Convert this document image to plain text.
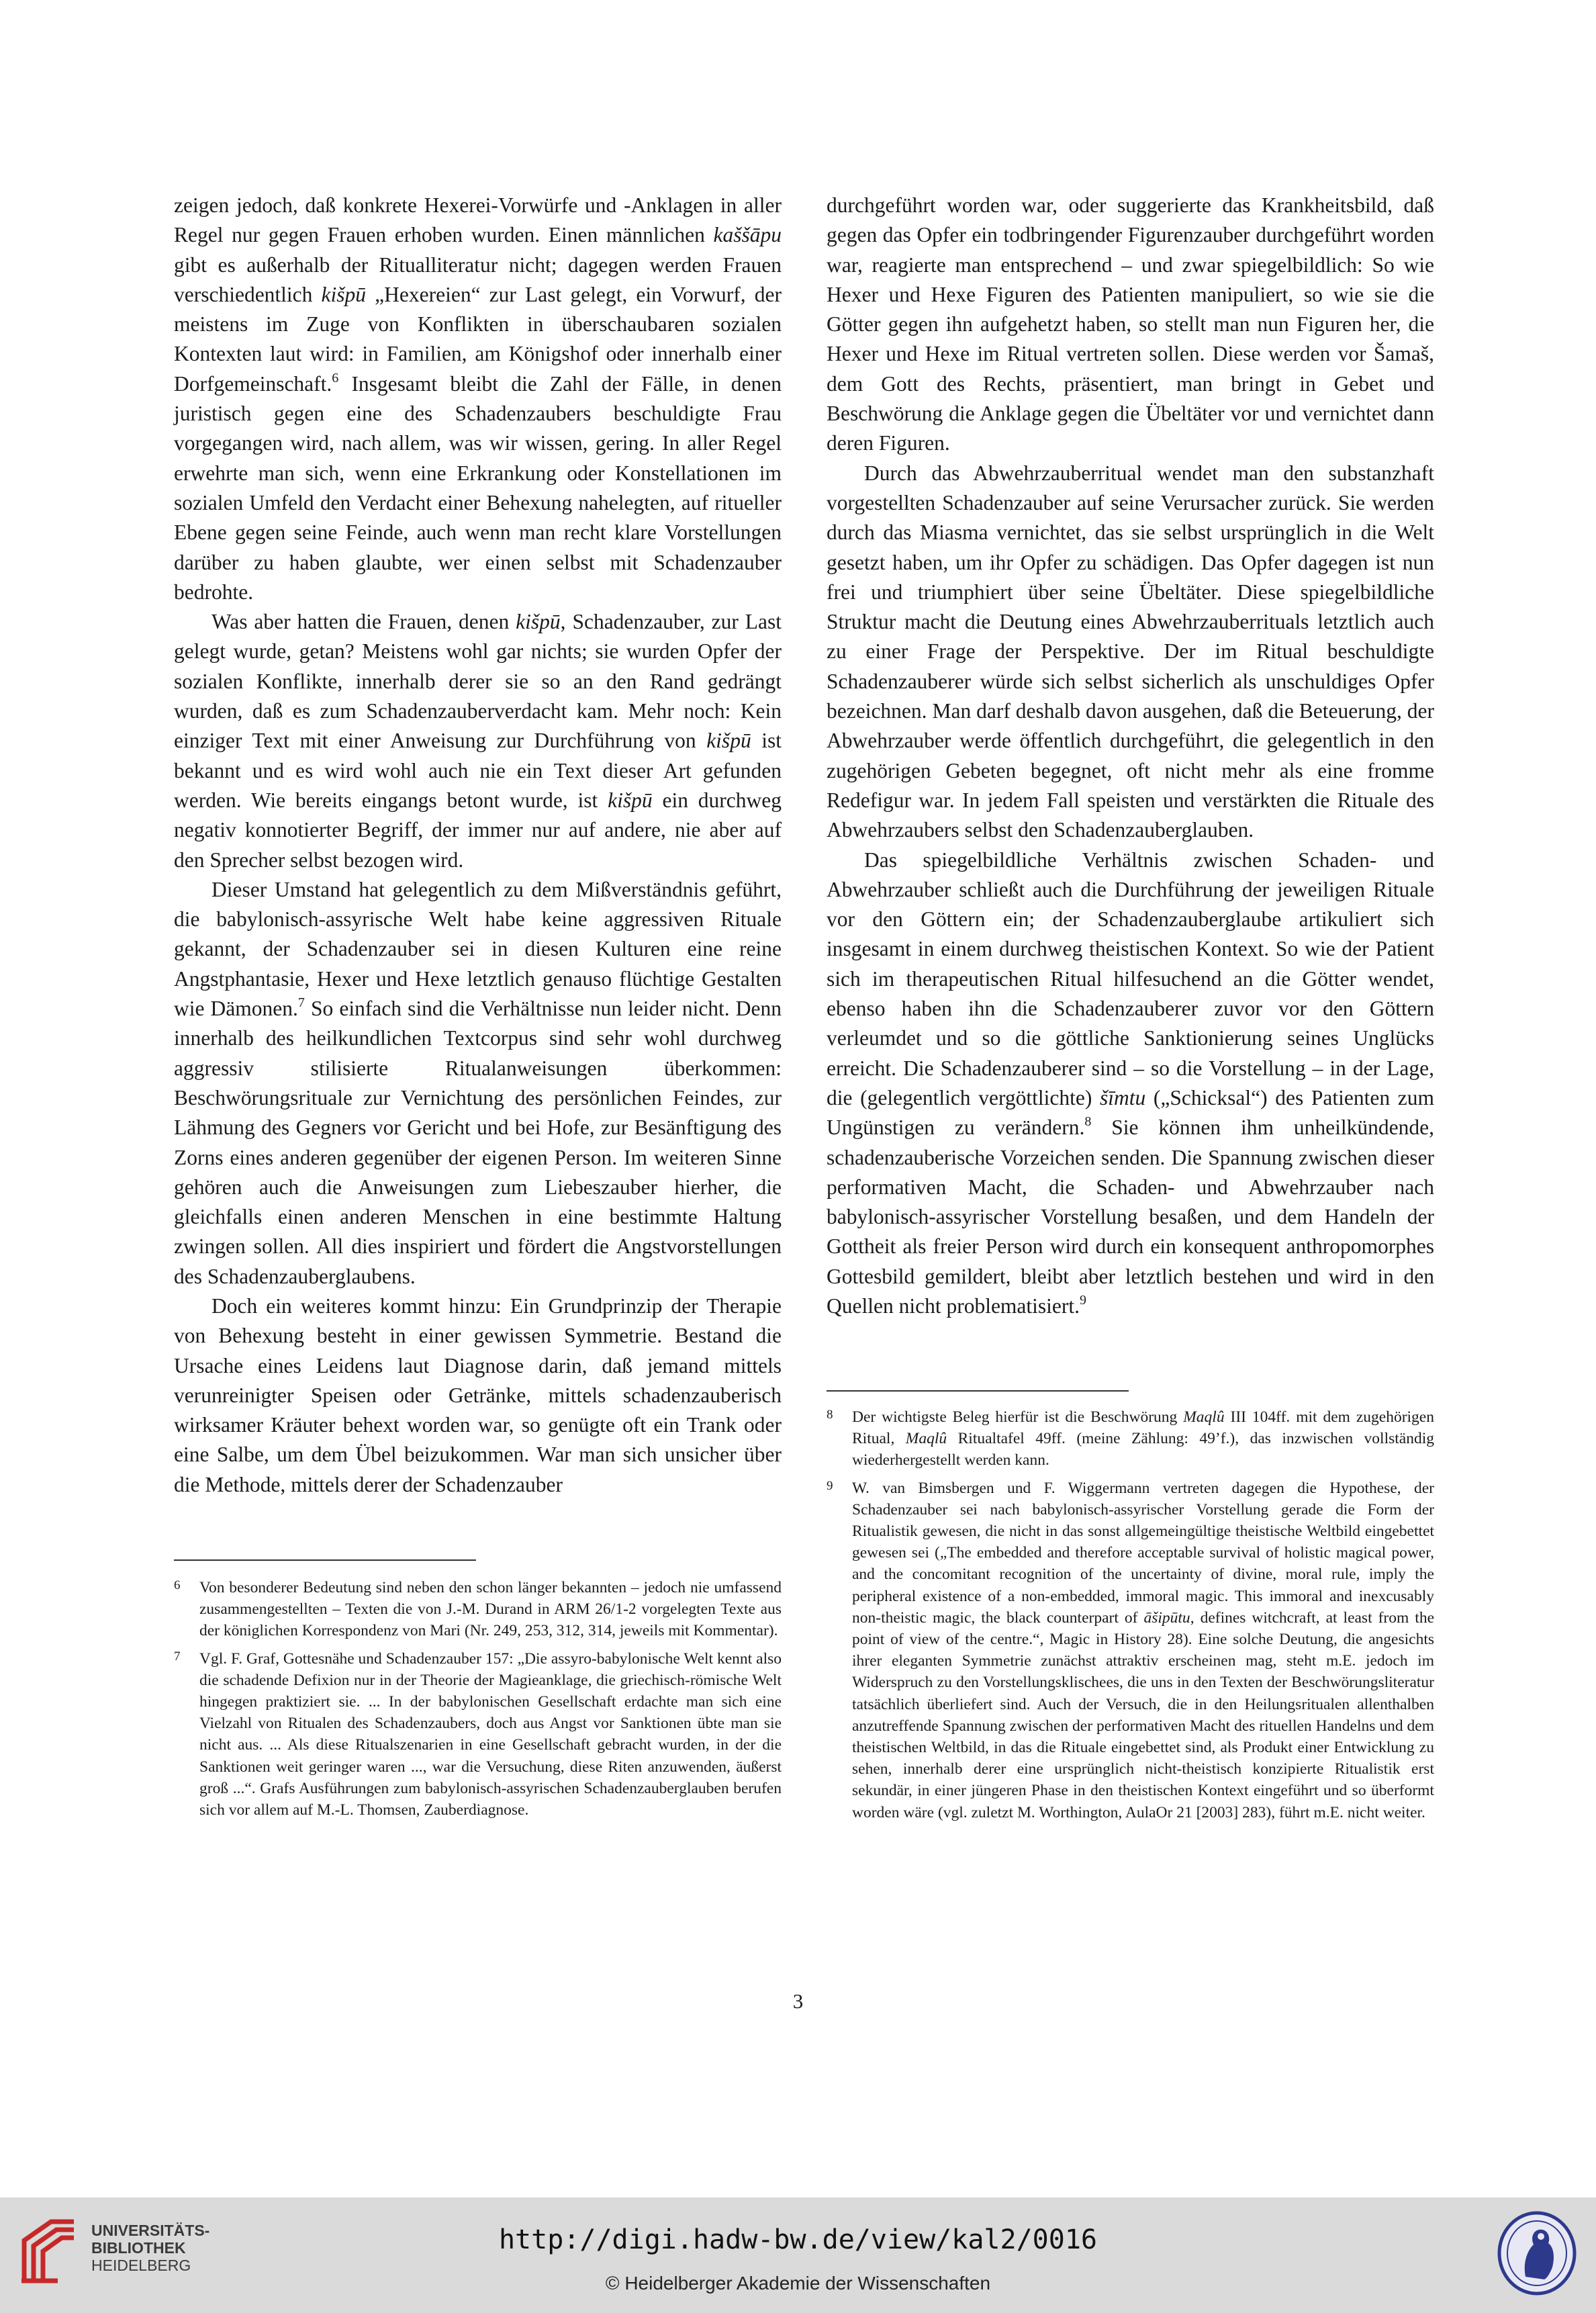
zeigen jedoch, daß konkrete Hexerei-Vorwürfe und -Anklagen in aller Regel nur gegen Frauen erhoben wurden. Einen männlichen kaššāpu gibt es außerhalb der Ritualliteratur nicht; dagegen werden Frauen verschiedentlich kišpū „Hexereien“ zur Last gelegt, ein Vorwurf, der meistens im Zuge von Konflikten in überschaubaren sozialen Kontexten laut wird: in Familien, am Königshof oder innerhalb einer Dorfgemeinschaft.$^6$ Insgesamt bleibt die Zahl der Fälle, in denen juristisch gegen eine des Schadenzaubers beschuldigte Frau vorgegangen wird, nach allem, was wir wissen, gering. In aller Regel erwehrte man sich, wenn eine Erkrankung oder Konstellationen im sozialen Umfeld den Verdacht einer Behexung nahelegten, auf ritueller Ebene gegen seine Feinde, auch wenn man recht klare Vorstellungen darüber zu haben glaubte, wer einen selbst mit Schadenzauber bedrohte.

Was aber hatten die Frauen, denen kišpū, Schadenzauber, zur Last gelegt wurde, getan? Meistens wohl gar nichts; sie wurden Opfer der sozialen Konflikte, innerhalb derer sie so an den Rand gedrängt wurden, daß es zum Schadenzauberverdacht kam. Mehr noch: Kein einziger Text mit einer Anweisung zur Durchführung von kišpū ist bekannt und es wird wohl auch nie ein Text dieser Art gefunden werden. Wie bereits eingangs betont wurde, ist kišpū ein durchweg negativ konnotierter Begriff, der immer nur auf andere, nie aber auf den Sprecher selbst bezogen wird.

Dieser Umstand hat gelegentlich zu dem Mißverständnis geführt, die babylonisch-assyrische Welt habe keine aggressiven Rituale gekannt, der Schadenzauber sei in diesen Kulturen eine reine Angstphantasie, Hexer und Hexe letztlich genauso flüchtige Gestalten wie Dämonen.$^7$ So einfach sind die Verhältnisse nun leider nicht. Denn innerhalb des heilkundlichen Textcorpus sind sehr wohl durchweg aggressiv stilisierte Ritualanweisungen überkommen: Beschwörungsrituale zur Vernichtung des persönlichen Feindes, zur Lähmung des Gegners vor Gericht und bei Hofe, zur Besänftigung des Zorns eines anderen gegenüber der eigenen Person. Im weiteren Sinne gehören auch die Anweisungen zum Liebeszauber hierher, die gleichfalls einen anderen Menschen in eine bestimmte Haltung zwingen sollen. All dies inspiriert und fördert die Angstvorstellungen des Schadenzauberglaubens.

Doch ein weiteres kommt hinzu: Ein Grundprinzip der Therapie von Behexung besteht in einer gewissen Symmetrie. Bestand die Ursache eines Leidens laut Diagnose darin, daß jemand mittels verunreinigter Speisen oder Getränke, mittels schadenzauberisch wirksamer Kräuter behext worden war, so genügte oft ein Trank oder eine Salbe, um dem Übel beizukommen. War man sich unsicher über die Methode, mittels derer der Schadenzauber

6	Von besonderer Bedeutung sind neben den schon länger bekannten – jedoch nie umfassend zusammengestellten – Texten die von J.-M. Durand in ARM 26/1-2 vorgelegten Texte aus der königlichen Korrespondenz von Mari (Nr. 249, 253, 312, 314, jeweils mit Kommentar).
7	Vgl. F. Graf, Gottesnähe und Schadenzauber 157: „Die assyro-babylonische Welt kennt also die schadende Defixion nur in der Theorie der Magieanklage, die griechisch-römische Welt hingegen praktiziert sie. ... In der babylonischen Gesellschaft erdachte man sich eine Vielzahl von Ritualen des Schadenzaubers, doch aus Angst vor Sanktionen übte man sie nicht aus. ... Als diese Ritualszenarien in eine Gesellschaft gebracht wurden, in der die Sanktionen weit geringer waren ..., war die Versuchung, diese Riten anzuwenden, äußerst groß ...“. Grafs Ausführungen zum babylonisch-assyrischen Schadenzauberglauben berufen sich vor allem auf M.-L. Thomsen, Zauberdiagnose.

durchgeführt worden war, oder suggerierte das Krankheitsbild, daß gegen das Opfer ein todbringender Figurenzauber durchgeführt worden war, reagierte man entsprechend – und zwar spiegelbildlich: So wie Hexer und Hexe Figuren des Patienten manipuliert, so wie sie die Götter gegen ihn aufgehetzt haben, so stellt man nun Figuren her, die Hexer und Hexe im Ritual vertreten sollen. Diese werden vor Šamaš, dem Gott des Rechts, präsentiert, man bringt in Gebet und Beschwörung die Anklage gegen die Übeltäter vor und vernichtet dann deren Figuren.

Durch das Abwehrzauberritual wendet man den substanzhaft vorgestellten Schadenzauber auf seine Verursacher zurück. Sie werden durch das Miasma vernichtet, das sie selbst ursprünglich in die Welt gesetzt haben, um ihr Opfer zu schädigen. Das Opfer dagegen ist nun frei und triumphiert über seine Übeltäter. Diese spiegelbildliche Struktur macht die Deutung eines Abwehrzauberrituals letztlich auch zu einer Frage der Perspektive. Der im Ritual beschuldigte Schadenzauberer würde sich selbst sicherlich als unschuldiges Opfer bezeichnen. Man darf deshalb davon ausgehen, daß die Beteuerung, der Abwehrzauber werde öffentlich durchgeführt, die gelegentlich in den zugehörigen Gebeten begegnet, oft nicht mehr als eine fromme Redefigur war. In jedem Fall speisten und verstärkten die Rituale des Abwehrzaubers selbst den Schadenzauberglauben.

Das spiegelbildliche Verhältnis zwischen Schaden- und Abwehrzauber schließt auch die Durchführung der jeweiligen Rituale vor den Göttern ein; der Schadenzauberglaube artikuliert sich insgesamt in einem durchweg theistischen Kontext. So wie der Patient sich im therapeutischen Ritual hilfesuchend an die Götter wendet, ebenso haben ihn die Schadenzauberer zuvor vor den Göttern verleumdet und so die göttliche Sanktionierung seines Unglücks erreicht. Die Schadenzauberer sind – so die Vorstellung – in der Lage, die (gelegentlich vergöttlichte) šīmtu („Schicksal“) des Patienten zum Ungünstigen zu verändern.$^8$ Sie können ihm unheilkündende, schadenzauberische Vorzeichen senden. Die Spannung zwischen dieser performativen Macht, die Schaden- und Abwehrzauber nach babylonisch-assyrischer Vorstellung besaßen, und dem Handeln der Gottheit als freier Person wird durch ein konsequent anthropomorphes Gottesbild gemildert, bleibt aber letztlich bestehen und wird in den Quellen nicht problematisiert.$^9$

8	Der wichtigste Beleg hierfür ist die Beschwörung Maqlû III 104ff. mit dem zugehörigen Ritual, Maqlû Ritualtafel 49ff. (meine Zählung: 49’f.), das inzwischen vollständig wiederhergestellt werden kann.
9	W. van Bimsbergen und F. Wiggermann vertreten dagegen die Hypothese, der Schadenzauber sei nach babylonisch-assyrischer Vorstellung gerade die Form der Ritualistik gewesen, die nicht in das sonst allgemeingültige theistische Weltbild eingebettet gewesen sei („The embedded and therefore acceptable survival of holistic magical power, and the concomitant recognition of the uncertainty of divine, moral rule, imply the peripheral existence of a non-embedded, immoral magic. This immoral and inexcusably non-theistic magic, the black counterpart of āšipūtu, defines witchcraft, at least from the point of view of the centre.“, Magic in History 28). Eine solche Deutung, die angesichts ihrer eleganten Symmetrie zunächst attraktiv erscheinen mag, steht m.E. jedoch im Widerspruch zu den Vorstellungsklischees, die uns in den Texten der Beschwörungsliteratur tatsächlich überliefert sind. Auch der Versuch, die in den Heilungsritualen allenthalben anzutreffende Spannung zwischen der performativen Macht des rituellen Handelns und dem theistischen Weltbild, in das die Rituale eingebettet sind, als Produkt einer Entwicklung zu sehen, innerhalb derer eine ursprünglich nicht-theistisch konzipierte Ritualistik erst sekundär, in einer jüngeren Phase in den theistischen Kontext eingeführt und so überformt worden wäre (vgl. zuletzt M. Worthington, AulaOr 21 [2003] 283), führt m.E. nicht weiter.
3
UNIVERSITÄTS-
BIBLIOTHEK
HEIDELBERG
http://digi.hadw-bw.de/view/kal2/0016
© Heidelberger Akademie der Wissenschaften
